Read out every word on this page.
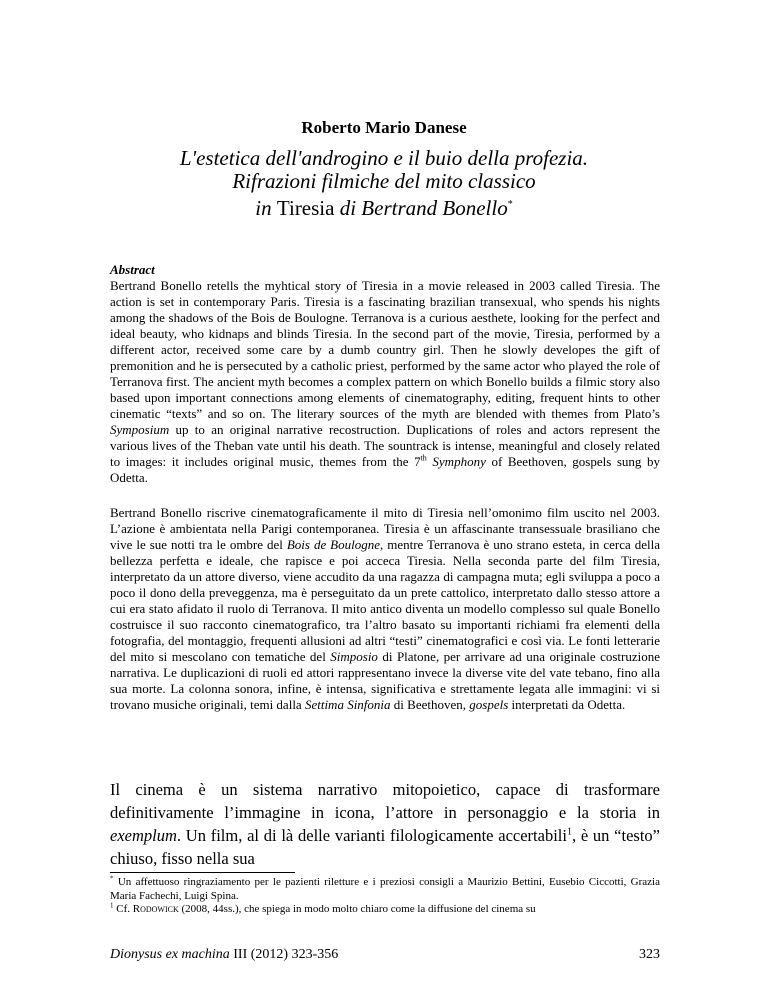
Roberto Mario Danese
L'estetica dell'androgino e il buio della profezia.
Rifrazioni filmiche del mito classico
in Tiresia di Bertrand Bonello*
Abstract
Bertrand Bonello retells the myhtical story of Tiresia in a movie released in 2003 called Tiresia. The action is set in contemporary Paris. Tiresia is a fascinating brazilian transexual, who spends his nights among the shadows of the Bois de Boulogne. Terranova is a curious aesthete, looking for the perfect and ideal beauty, who kidnaps and blinds Tiresia. In the second part of the movie, Tiresia, performed by a different actor, received some care by a dumb country girl. Then he slowly developes the gift of premonition and he is persecuted by a catholic priest, performed by the same actor who played the role of Terranova first. The ancient myth becomes a complex pattern on which Bonello builds a filmic story also based upon important connections among elements of cinematography, editing, frequent hints to other cinematic “texts” and so on. The literary sources of the myth are blended with themes from Plato’s Symposium up to an original narrative recostruction. Duplications of roles and actors represent the various lives of the Theban vate until his death. The sountrack is intense, meaningful and closely related to images: it includes original music, themes from the 7th Symphony of Beethoven, gospels sung by Odetta.
Bertrand Bonello riscrive cinematograficamente il mito di Tiresia nell’omonimo film uscito nel 2003. L’azione è ambientata nella Parigi contemporanea. Tiresia è un affascinante transessuale brasiliano che vive le sue notti tra le ombre del Bois de Boulogne, mentre Terranova è uno strano esteta, in cerca della bellezza perfetta e ideale, che rapisce e poi acceca Tiresia. Nella seconda parte del film Tiresia, interpretato da un attore diverso, viene accudito da una ragazza di campagna muta; egli sviluppa a poco a poco il dono della preveggenza, ma è perseguitato da un prete cattolico, interpretato dallo stesso attore a cui era stato afidato il ruolo di Terranova. Il mito antico diventa un modello complesso sul quale Bonello costruisce il suo racconto cinematografico, tra l’altro basato su importanti richiami fra elementi della fotografia, del montaggio, frequenti allusioni ad altri “testi” cinematografici e così via. Le fonti letterarie del mito si mescolano con tematiche del Simposio di Platone, per arrivare ad una originale costruzione narrativa. Le duplicazioni di ruoli ed attori rappresentano invece la diverse vite del vate tebano, fino alla sua morte. La colonna sonora, infine, è intensa, significativa e strettamente legata alle immagini: vi si trovano musiche originali, temi dalla Settima Sinfonia di Beethoven, gospels interpretati da Odetta.
Il cinema è un sistema narrativo mitopoietico, capace di trasformare definitivamente l’immagine in icona, l’attore in personaggio e la storia in exemplum. Un film, al di là delle varianti filologicamente accertabili$^1$, è un “testo” chiuso, fisso nella sua

* Un affettuoso ringraziamento per le pazienti riletture e i preziosi consigli a Maurizio Bettini, Eusebio Ciccotti, Grazia Maria Fachechi, Luigi Spina.

$^1$ Cf. Rodowick (2008, 44ss.), che spiega in modo molto chiaro come la diffusione del cinema su

Dionysus ex machina III (2012) 323-356	323
